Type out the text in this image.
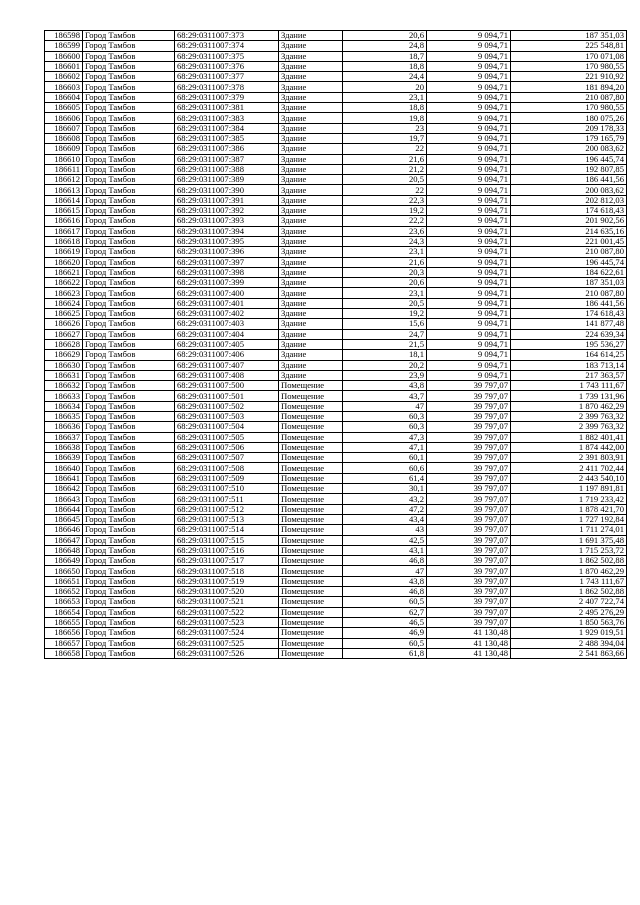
186598	Город Тамбов	68:29:0311007:373	Здание	20,6	9 094,71	187 351,03
186599	Город Тамбов	68:29:0311007:374	Здание	24,8	9 094,71	225 548,81
186600	Город Тамбов	68:29:0311007:375	Здание	18,7	9 094,71	170 071,08
186601	Город Тамбов	68:29:0311007:376	Здание	18,8	9 094,71	170 980,55
186602	Город Тамбов	68:29:0311007:377	Здание	24,4	9 094,71	221 910,92
186603	Город Тамбов	68:29:0311007:378	Здание	20	9 094,71	181 894,20
186604	Город Тамбов	68:29:0311007:379	Здание	23,1	9 094,71	210 087,80
186605	Город Тамбов	68:29:0311007:381	Здание	18,8	9 094,71	170 980,55
186606	Город Тамбов	68:29:0311007:383	Здание	19,8	9 094,71	180 075,26
186607	Город Тамбов	68:29:0311007:384	Здание	23	9 094,71	209 178,33
186608	Город Тамбов	68:29:0311007:385	Здание	19,7	9 094,71	179 165,79
186609	Город Тамбов	68:29:0311007:386	Здание	22	9 094,71	200 083,62
186610	Город Тамбов	68:29:0311007:387	Здание	21,6	9 094,71	196 445,74
186611	Город Тамбов	68:29:0311007:388	Здание	21,2	9 094,71	192 807,85
186612	Город Тамбов	68:29:0311007:389	Здание	20,5	9 094,71	186 441,56
186613	Город Тамбов	68:29:0311007:390	Здание	22	9 094,71	200 083,62
186614	Город Тамбов	68:29:0311007:391	Здание	22,3	9 094,71	202 812,03
186615	Город Тамбов	68:29:0311007:392	Здание	19,2	9 094,71	174 618,43
186616	Город Тамбов	68:29:0311007:393	Здание	22,2	9 094,71	201 902,56
186617	Город Тамбов	68:29:0311007:394	Здание	23,6	9 094,71	214 635,16
186618	Город Тамбов	68:29:0311007:395	Здание	24,3	9 094,71	221 001,45
186619	Город Тамбов	68:29:0311007:396	Здание	23,1	9 094,71	210 087,80
186620	Город Тамбов	68:29:0311007:397	Здание	21,6	9 094,71	196 445,74
186621	Город Тамбов	68:29:0311007:398	Здание	20,3	9 094,71	184 622,61
186622	Город Тамбов	68:29:0311007:399	Здание	20,6	9 094,71	187 351,03
186623	Город Тамбов	68:29:0311007:400	Здание	23,1	9 094,71	210 087,80
186624	Город Тамбов	68:29:0311007:401	Здание	20,5	9 094,71	186 441,56
186625	Город Тамбов	68:29:0311007:402	Здание	19,2	9 094,71	174 618,43
186626	Город Тамбов	68:29:0311007:403	Здание	15,6	9 094,71	141 877,48
186627	Город Тамбов	68:29:0311007:404	Здание	24,7	9 094,71	224 639,34
186628	Город Тамбов	68:29:0311007:405	Здание	21,5	9 094,71	195 536,27
186629	Город Тамбов	68:29:0311007:406	Здание	18,1	9 094,71	164 614,25
186630	Город Тамбов	68:29:0311007:407	Здание	20,2	9 094,71	183 713,14
186631	Город Тамбов	68:29:0311007:408	Здание	23,9	9 094,71	217 363,57
186632	Город Тамбов	68:29:0311007:500	Помещение	43,8	39 797,07	1 743 111,67
186633	Город Тамбов	68:29:0311007:501	Помещение	43,7	39 797,07	1 739 131,96
186634	Город Тамбов	68:29:0311007:502	Помещение	47	39 797,07	1 870 462,29
186635	Город Тамбов	68:29:0311007:503	Помещение	60,3	39 797,07	2 399 763,32
186636	Город Тамбов	68:29:0311007:504	Помещение	60,3	39 797,07	2 399 763,32
186637	Город Тамбов	68:29:0311007:505	Помещение	47,3	39 797,07	1 882 401,41
186638	Город Тамбов	68:29:0311007:506	Помещение	47,1	39 797,07	1 874 442,00
186639	Город Тамбов	68:29:0311007:507	Помещение	60,1	39 797,07	2 391 803,91
186640	Город Тамбов	68:29:0311007:508	Помещение	60,6	39 797,07	2 411 702,44
186641	Город Тамбов	68:29:0311007:509	Помещение	61,4	39 797,07	2 443 540,10
186642	Город Тамбов	68:29:0311007:510	Помещение	30,1	39 797,07	1 197 891,81
186643	Город Тамбов	68:29:0311007:511	Помещение	43,2	39 797,07	1 719 233,42
186644	Город Тамбов	68:29:0311007:512	Помещение	47,2	39 797,07	1 878 421,70
186645	Город Тамбов	68:29:0311007:513	Помещение	43,4	39 797,07	1 727 192,84
186646	Город Тамбов	68:29:0311007:514	Помещение	43	39 797,07	1 711 274,01
186647	Город Тамбов	68:29:0311007:515	Помещение	42,5	39 797,07	1 691 375,48
186648	Город Тамбов	68:29:0311007:516	Помещение	43,1	39 797,07	1 715 253,72
186649	Город Тамбов	68:29:0311007:517	Помещение	46,8	39 797,07	1 862 502,88
186650	Город Тамбов	68:29:0311007:518	Помещение	47	39 797,07	1 870 462,29
186651	Город Тамбов	68:29:0311007:519	Помещение	43,8	39 797,07	1 743 111,67
186652	Город Тамбов	68:29:0311007:520	Помещение	46,8	39 797,07	1 862 502,88
186653	Город Тамбов	68:29:0311007:521	Помещение	60,5	39 797,07	2 407 722,74
186654	Город Тамбов	68:29:0311007:522	Помещение	62,7	39 797,07	2 495 276,29
186655	Город Тамбов	68:29:0311007:523	Помещение	46,5	39 797,07	1 850 563,76
186656	Город Тамбов	68:29:0311007:524	Помещение	46,9	41 130,48	1 929 019,51
186657	Город Тамбов	68:29:0311007:525	Помещение	60,5	41 130,48	2 488 394,04
186658	Город Тамбов	68:29:0311007:526	Помещение	61,8	41 130,48	2 541 863,66
